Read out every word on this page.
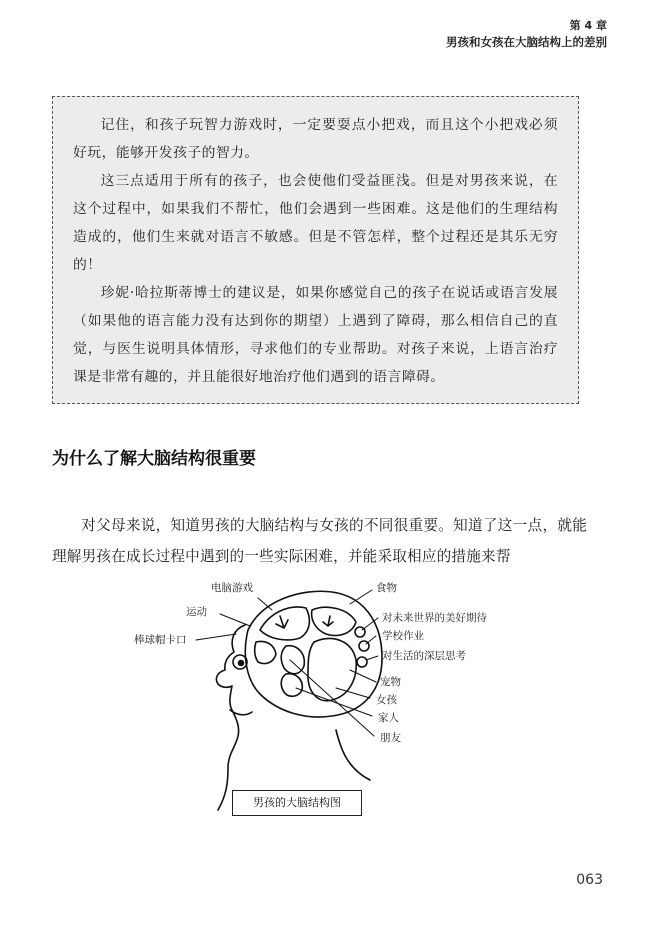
第 4 章
男孩和女孩在大脑结构上的差别

记住，和孩子玩智力游戏时，一定要耍点小把戏，而且这个小把戏必须好玩，能够开发孩子的智力。

这三点适用于所有的孩子，也会使他们受益匪浅。但是对男孩来说，在这个过程中，如果我们不帮忙，他们会遇到一些困难。这是他们的生理结构造成的，他们生来就对语言不敏感。但是不管怎样，整个过程还是其乐无穷的！

珍妮·哈拉斯蒂博士的建议是，如果你感觉自己的孩子在说话或语言发展（如果他的语言能力没有达到你的期望）上遇到了障碍，那么相信自己的直觉，与医生说明具体情形，寻求他们的专业帮助。对孩子来说，上语言治疗课是非常有趣的，并且能很好地治疗他们遇到的语言障碍。

为什么了解大脑结构很重要

对父母来说，知道男孩的大脑结构与女孩的不同很重要。知道了这一点，就能理解男孩在成长过程中遇到的一些实际困难，并能采取相应的措施来帮

电脑游戏
运动
棒球帽卡口
食物
对未来世界的美好期待
学校作业
对生活的深层思考
宠物
女孩
家人
朋友
男孩的大脑结构图
063
